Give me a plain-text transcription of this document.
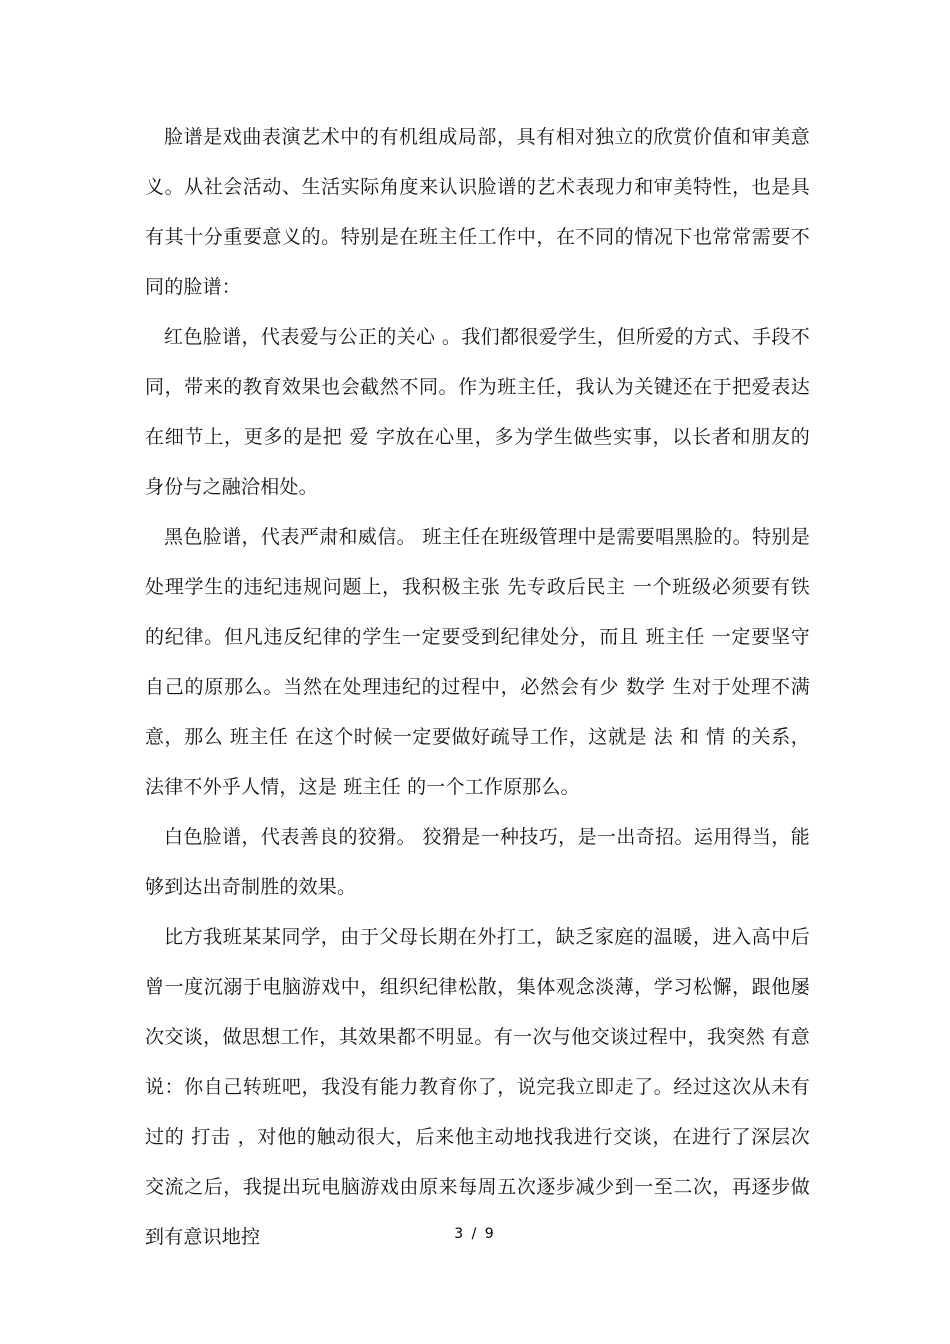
脸谱是戏曲表演艺术中的有机组成局部，具有相对独立的欣赏价值和审美意义。从社会活动、生活实际角度来认识脸谱的艺术表现力和审美特性，也是具有其十分重要意义的。特别是在班主任工作中，在不同的情况下也常常需要不同的脸谱：

红色脸谱，代表爱与公正的关心 。我们都很爱学生，但所爱的方式、手段不同，带来的教育效果也会截然不同。作为班主任，我认为关键还在于把爱表达在细节上，更多的是把 爱 字放在心里，多为学生做些实事，以长者和朋友的身份与之融洽相处。

黑色脸谱，代表严肃和威信。 班主任在班级管理中是需要唱黑脸的。特别是处理学生的违纪违规问题上，我积极主张 先专政后民主 一个班级必须要有铁的纪律。但凡违反纪律的学生一定要受到纪律处分，而且 班主任 一定要坚守自己的原那么。当然在处理违纪的过程中，必然会有少 数学 生对于处理不满意，那么 班主任 在这个时候一定要做好疏导工作，这就是 法 和 情 的关系，法律不外乎人情，这是 班主任 的一个工作原那么。

白色脸谱，代表善良的狡猾。 狡猾是一种技巧，是一出奇招。运用得当，能够到达出奇制胜的效果。

比方我班某某同学，由于父母长期在外打工，缺乏家庭的温暖，进入高中后曾一度沉溺于电脑游戏中，组织纪律松散，集体观念淡薄，学习松懈，跟他屡次交谈，做思想工作，其效果都不明显。有一次与他交谈过程中，我突然 有意 说：你自己转班吧，我没有能力教育你了，说完我立即走了。经过这次从未有过的 打击 ，对他的触动很大，后来他主动地找我进行交谈，在进行了深层次交流之后，我提出玩电脑游戏由原来每周五次逐步减少到一至二次，再逐步做到有意识地控	3 / 9
